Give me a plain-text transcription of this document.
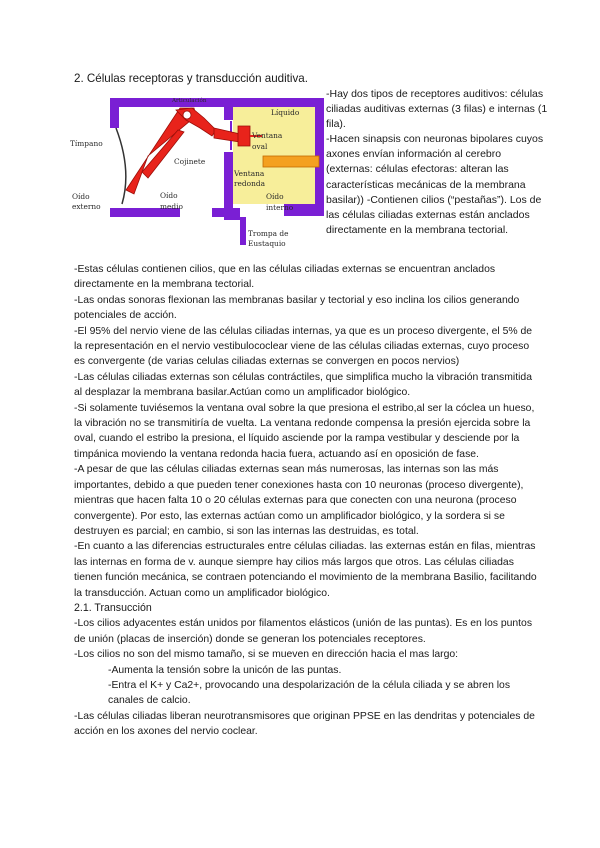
2. Células receptoras y transducción auditiva.
Articulación
Líquido
Tímpano
Ventana
oval
Cojinete
Ventana
redonda
Oído
externo
Oído
medio
Oído
interno
Trompa de
Eustaquio

-Hay dos tipos de receptores auditivos: células ciliadas auditivas externas (3 filas) e internas (1 fila).

-Hacen sinapsis con neuronas bipolares cuyos axones envían información al cerebro (externas: células efectoras: alteran las características mecánicas de la membrana basilar)) -Contienen cilios (“pestañas”). Los de las células ciliadas externas están anclados directamente en la membrana tectorial.

-Estas células contienen cilios, que en las células ciliadas externas se encuentran anclados directamente en la membrana tectorial.

-Las ondas sonoras flexionan las membranas basilar y tectorial y eso inclina los cilios generando potenciales de acción.

-El 95% del nervio viene de las células ciliadas internas, ya que es un proceso divergente, el 5% de la representación en el nervio vestibulococlear viene de las células ciliadas externas, cuyo proceso es convergente (de varias celulas ciliadas externas se convergen en pocos nervios)

-Las células ciliadas externas son células contráctiles, que simplifica mucho la vibración transmitida al desplazar la membrana basilar.Actúan como un amplificador biológico.

-Si solamente tuviésemos la ventana oval sobre la que presiona el estribo,al ser la cóclea un hueso, la vibración no se transmitiría de vuelta. La ventana redonde compensa la presión ejercida sobre la oval, cuando el estribo la presiona, el líquido asciende por la rampa vestibular y desciende por la timpánica moviendo la ventana redonda hacia fuera, actuando así en oposición de fase.

-A pesar de que las células ciliadas externas sean más numerosas, las internas son las más importantes, debido a que pueden tener conexiones hasta con 10 neuronas (proceso divergente), mientras que hacen falta 10 o 20 células externas para que conecten con una neurona (proceso convergente). Por esto, las externas actúan como un amplificador biológico, y la sordera si se destruyen es parcial; en cambio, si son las internas las destruidas, es total.

-En cuanto a las diferencias estructurales entre células ciliadas. las externas están en filas, mientras las internas en forma de v. aunque siempre hay cilios más largos que otros. Las células ciliadas tienen función mecánica, se contraen potenciando el movimiento de la membrana Basilio, facilitando la transducción. Actuan como un amplificador biológico.

2.1. Transucción

-Los cilios adyacentes están unidos por filamentos elásticos (unión de las puntas). Es en los puntos de unión (placas de inserción) donde se generan los potenciales receptores.

-Los cilios no son del mismo tamaño, si se mueven en dirección hacia el mas largo:

-Aumenta la tensión sobre la unicón de las puntas.

-Entra el K+ y Ca2+, provocando una despolarización de la célula ciliada y se abren los canales de calcio.

-Las células ciliadas liberan neurotransmisores que originan PPSE en las dendritas y potenciales de acción en los axones del nervio coclear.
